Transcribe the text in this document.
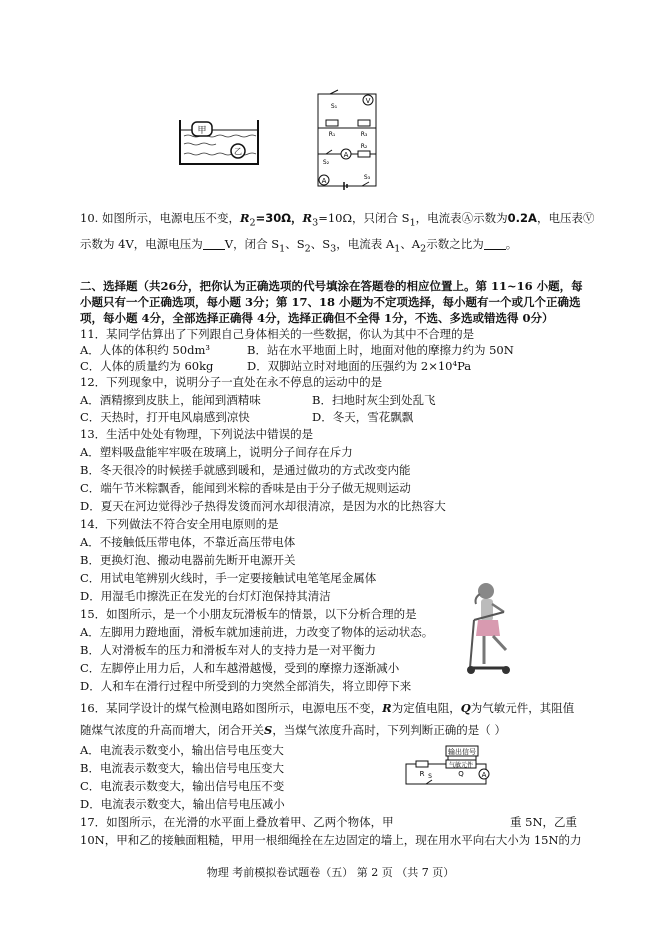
甲
乙
V
S₁
R₁	R₃
A
R₂
S₂
A	S₃
输出信号
气敏元件
R	Q
S	A
10. 如图所示，电源电压不变，$R_2=30\Omega$，$R_3=10\Omega$，只闭合 $S_1$，电流表Ⓐ示数为0.2A，电压表Ⓥ
示数为 4V，电源电压为 V，闭合 $S_1$、$S_2$、$S_3$，电流表 $A_1$、$A_2$示数之比为 。
二、选择题（共26分，把你认为正确选项的代号填涂在答题卷的相应位置上。第 11~16 小题，每
小题只有一个正确选项，每小题 3分；第 17、18 小题为不定项选择，每小题有一个或几个正确选
项，每小题 4分，全部选择正确得 4分，选择正确但不全得 1分，不选、多选或错选得 0分）
11．某同学估算出了下列跟自己身体相关的一些数据，你认为其中不合理的是
A．人体的体积约 50dm³	B．站在水平地面上时，地面对他的摩擦力约为 50N
C．人体的质量约为 60kg	D．双脚站立时对地面的压强约为 2×10⁴Pa
12．下列现象中，说明分子一直处在永不停息的运动中的是
A．酒精擦到皮肤上，能闻到酒精味	B．扫地时灰尘到处乱飞
C．天热时，打开电风扇感到凉快	D．冬天，雪花飘飘
13．生活中处处有物理，下列说法中错误的是
A．塑料吸盘能牢牢吸在玻璃上，说明分子间存在斥力
B．冬天很冷的时候搓手就感到暖和，是通过做功的方式改变内能
C．端午节米粽飘香，能闻到米粽的香味是由于分子做无规则运动
D．夏天在河边觉得沙子热得发烫而河水却很清凉，是因为水的比热容大
14．下列做法不符合安全用电原则的是
A．不接触低压带电体，不靠近高压带电体
B．更换灯泡、搬动电器前先断开电源开关
C．用试电笔辨别火线时，手一定要接触试电笔笔尾金属体
D．用湿毛巾擦洗正在发光的台灯灯泡保持其清洁
15．如图所示，是一个小朋友玩滑板车的情景，以下分析合理的是
A．左脚用力蹬地面，滑板车就加速前进，力改变了物体的运动状态。
B．人对滑板车的压力和滑板车对人的支持力是一对平衡力
C．左脚停止用力后，人和车越滑越慢，受到的摩擦力逐渐减小
D．人和车在滑行过程中所受到的力突然全部消失，将立即停下来
16．某同学设计的煤气检测电路如图所示，电源电压不变，R为定值电阻，Q为气敏元件，其阻值
随煤气浓度的升高而增大，闭合开关S，当煤气浓度升高时，下列判断正确的是（ ）
A．电流表示数变小，输出信号电压变大
B．电流表示数变大，输出信号电压变大
C．电流表示数变大，输出信号电压不变
D．电流表示数变大，输出信号电压减小
17．如图所示，在光滑的水平面上叠放着甲、乙两个物体，甲	重 5N，乙重
10N，甲和乙的接触面粗糙，甲用一根细绳拴在左边固定的墙上，现在用水平向右大小为 15N的力
物理 考前模拟卷试题卷（五） 第 2 页 （共 7 页）
